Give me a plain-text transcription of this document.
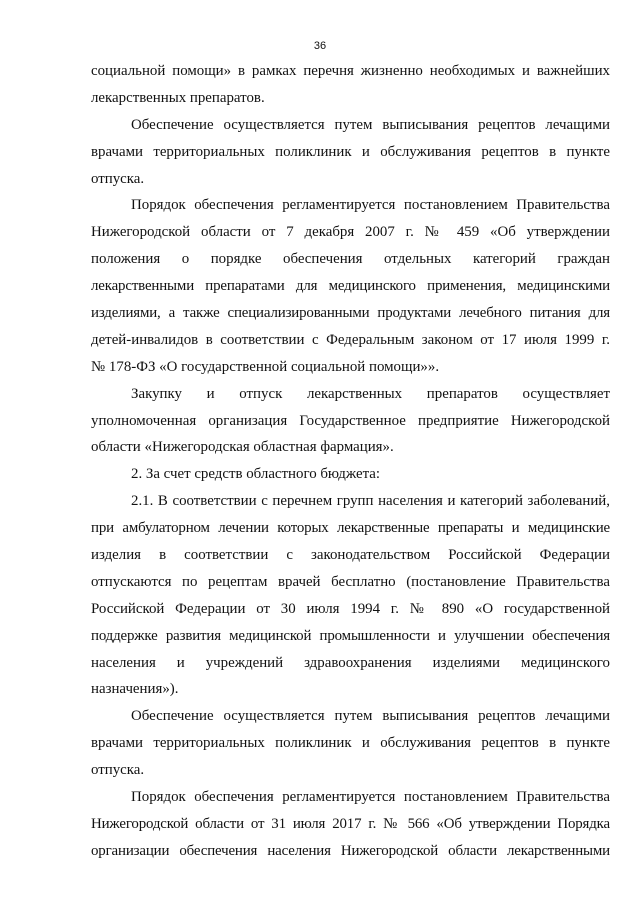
36
социальной помощи» в рамках перечня жизненно необходимых и важнейших
лекарственных препаратов.
Обеспечение осуществляется путем выписывания рецептов лечащими
врачами территориальных поликлиник и обслуживания рецептов в пункте
отпуска.
Порядок обеспечения регламентируется постановлением Правительства
Нижегородской области от 7 декабря 2007 г. № 459 «Об утверждении
положения о порядке обеспечения отдельных категорий граждан
лекарственными препаратами для медицинского применения, медицинскими
изделиями, а также специализированными продуктами лечебного питания для
детей-инвалидов в соответствии с Федеральным законом от 17 июля 1999 г.
№ 178-ФЗ «О государственной социальной помощи»».
Закупку и отпуск лекарственных препаратов осуществляет
уполномоченная организация Государственное предприятие Нижегородской
области «Нижегородская областная фармация».
2. За счет средств областного бюджета:
2.1. В соответствии с перечнем групп населения и категорий заболеваний,
при амбулаторном лечении которых лекарственные препараты и медицинские
изделия в соответствии с законодательством Российской Федерации
отпускаются по рецептам врачей бесплатно (постановление Правительства
Российской Федерации от 30 июля 1994 г. № 890 «О государственной
поддержке развития медицинской промышленности и улучшении обеспечения
населения и учреждений здравоохранения изделиями медицинского
назначения»).
Обеспечение осуществляется путем выписывания рецептов лечащими
врачами территориальных поликлиник и обслуживания рецептов в пункте
отпуска.
Порядок обеспечения регламентируется постановлением Правительства
Нижегородской области от 31 июля 2017 г. № 566 «Об утверждении Порядка
организации обеспечения населения Нижегородской области лекарственными
